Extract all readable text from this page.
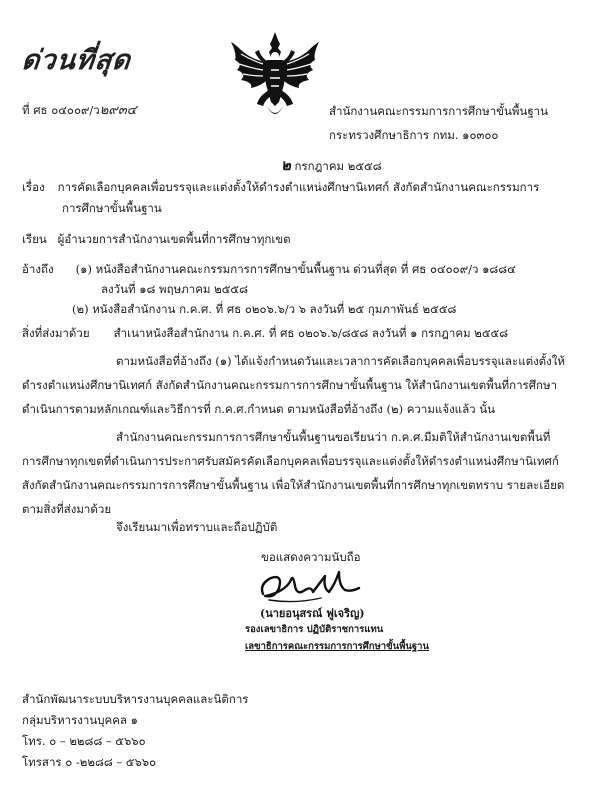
ด่วนที่สุด
ที่ ศธ ๐๔๐๐๙/ว๒๙๓๔	สำนักงานคณะกรรมการการศึกษาขั้นพื้นฐาน
กระทรวงศึกษาธิการ กทม. ๑๐๓๐๐
๒ กรกฎาคม ๒๕๕๘
เรื่อง การคัดเลือกบุคคลเพื่อบรรจุและแต่งตั้งให้ดำรงตำแหน่งศึกษานิเทศก์ สังกัดสำนักงานคณะกรรมการ
การศึกษาขั้นพื้นฐาน
เรียน ผู้อำนวยการสำนักงานเขตพื้นที่การศึกษาทุกเขต
อ้างถึง (๑) หนังสือสำนักงานคณะกรรมการการศึกษาขั้นพื้นฐาน ด่วนที่สุด ที่ ศธ ๐๔๐๐๙/ว ๑๘๘๔
ลงวันที่ ๑๘ พฤษภาคม ๒๕๕๘
(๒) หนังสือสำนักงาน ก.ค.ศ. ที่ ศธ ๐๒๐๖.๖/ว ๖ ลงวันที่ ๒๕ กุมภาพันธ์ ๒๕๕๘
สิ่งที่ส่งมาด้วย สำเนาหนังสือสำนักงาน ก.ค.ศ. ที่ ศธ ๐๒๐๖.๖/๘๕๘ ลงวันที่ ๑ กรกฎาคม ๒๕๕๘
ตามหนังสือที่อ้างถึง (๑) ได้แจ้งกำหนดวันและเวลาการคัดเลือกบุคคลเพื่อบรรจุและแต่งตั้งให้
ดำรงตำแหน่งศึกษานิเทศก์ สังกัดสำนักงานคณะกรรมการการศึกษาขั้นพื้นฐาน ให้สำนักงานเขตพื้นที่การศึกษา
ดำเนินการตามหลักเกณฑ์และวิธีการที่ ก.ค.ศ.กำหนด ตามหนังสือที่อ้างถึง (๒) ความแจ้งแล้ว นั้น
สำนักงานคณะกรรมการการศึกษาขั้นพื้นฐานขอเรียนว่า ก.ค.ศ.มีมติให้สำนักงานเขตพื้นที่
การศึกษาทุกเขตที่ดำเนินการประกาศรับสมัครคัดเลือกบุคคลเพื่อบรรจุและแต่งตั้งให้ดำรงตำแหน่งศึกษานิเทศก์
สังกัดสำนักงานคณะกรรมการการศึกษาขั้นพื้นฐาน เพื่อให้สำนักงานเขตพื้นที่การศึกษาทุกเขตทราบ รายละเอียด
ตามสิ่งที่ส่งมาด้วย
จึงเรียนมาเพื่อทราบและถือปฏิบัติ
ขอแสดงความนับถือ
(นายอนุสรณ์ ฟูเจริญ)
รองเลขาธิการ ปฏิบัติราชการแทน
เลขาธิการคณะกรรมการการศึกษาขั้นพื้นฐาน
สำนักพัฒนาระบบบริหารงานบุคคลและนิติการ
กลุ่มบริหารงานบุคคล ๑
โทร. ๐ – ๒๒๘๘ – ๕๖๖๐
โทรสาร ๐ -๒๒๘๘ – ๕๖๖๐
